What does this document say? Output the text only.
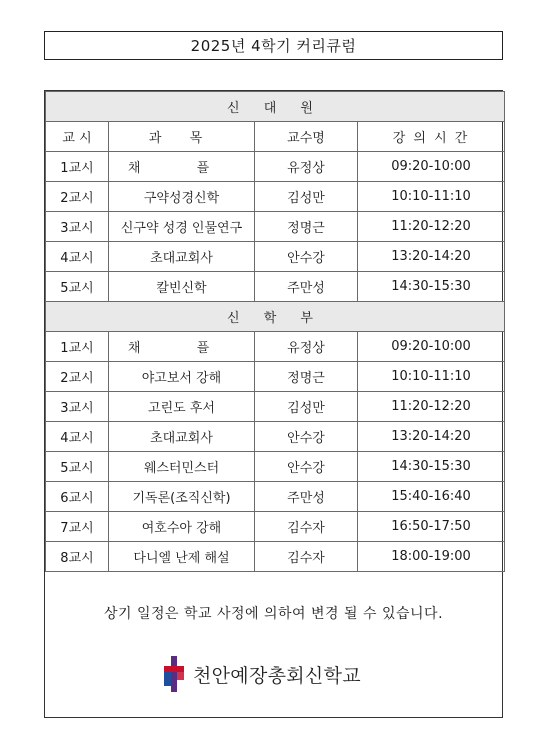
2025년 4학기 커리큐럼
신 대 원			
교 시	과 목	교수명	강 의 시 간
1교시	채 플	유정상	09:20-10:00
2교시	구약성경신학	김성만	10:10-11:10
3교시	신구약 성경 인물연구	정명근	11:20-12:20
4교시	초대교회사	안수강	13:20-14:20
5교시	칼빈신학	주만성	14:30-15:30
신 학 부			
1교시	채 플	유정상	09:20-10:00
2교시	야고보서 강해	정명근	10:10-11:10
3교시	고린도 후서	김성만	11:20-12:20
4교시	초대교회사	안수강	13:20-14:20
5교시	웨스터민스터	안수강	14:30-15:30
6교시	기독론(조직신학)	주만성	15:40-16:40
7교시	여호수아 강해	김수자	16:50-17:50
8교시	다니엘 난제 해설	김수자	18:00-19:00
상기 일정은 학교 사정에 의하여 변경 될 수 있습니다.
천안예장총회신학교
